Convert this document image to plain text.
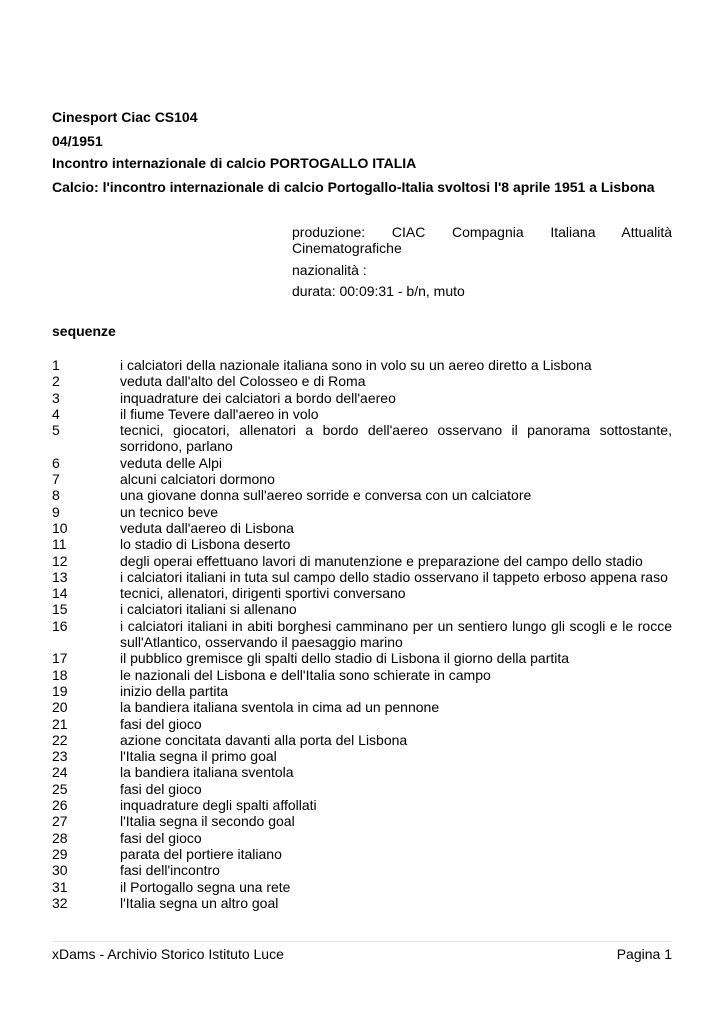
Cinesport Ciac CS104
04/1951
Incontro internazionale di calcio PORTOGALLO ITALIA
Calcio: l'incontro internazionale di calcio Portogallo-Italia svoltosi l'8 aprile 1951 a Lisbona
produzione: CIAC Compagnia Italiana Attualità Cinematografiche
nazionalità :
durata: 00:09:31 - b/n, muto
sequenze
1	i calciatori della nazionale italiana sono in volo su un aereo diretto a Lisbona
2	veduta dall'alto del Colosseo e di Roma
3	inquadrature dei calciatori a bordo dell'aereo
4	il fiume Tevere dall'aereo in volo
5	tecnici, giocatori, allenatori a bordo dell'aereo osservano il panorama sottostante, sorridono, parlano
6	veduta delle Alpi
7	alcuni calciatori dormono
8	una giovane donna sull'aereo sorride e conversa con un calciatore
9	un tecnico beve
10	veduta dall'aereo di Lisbona
11	lo stadio di Lisbona deserto
12	degli operai effettuano lavori di manutenzione e preparazione del campo dello stadio
13	i calciatori italiani in tuta sul campo dello stadio osservano il tappeto erboso appena raso
14	tecnici, allenatori, dirigenti sportivi conversano
15	i calciatori italiani si allenano
16	i calciatori italiani in abiti borghesi camminano per un sentiero lungo gli scogli e le rocce sull'Atlantico, osservando il paesaggio marino
17	il pubblico gremisce gli spalti dello stadio di Lisbona il giorno della partita
18	le nazionali del Lisbona e dell'Italia sono schierate in campo
19	inizio della partita
20	la bandiera italiana sventola in cima ad un pennone
21	fasi del gioco
22	azione concitata davanti alla porta del Lisbona
23	l'Italia segna il primo goal
24	la bandiera italiana sventola
25	fasi del gioco
26	inquadrature degli spalti affollati
27	l'Italia segna il secondo goal
28	fasi del gioco
29	parata del portiere italiano
30	fasi dell'incontro
31	il Portogallo segna una rete
32	l'Italia segna un altro goal
xDams - Archivio Storico Istituto Luce	Pagina 1
